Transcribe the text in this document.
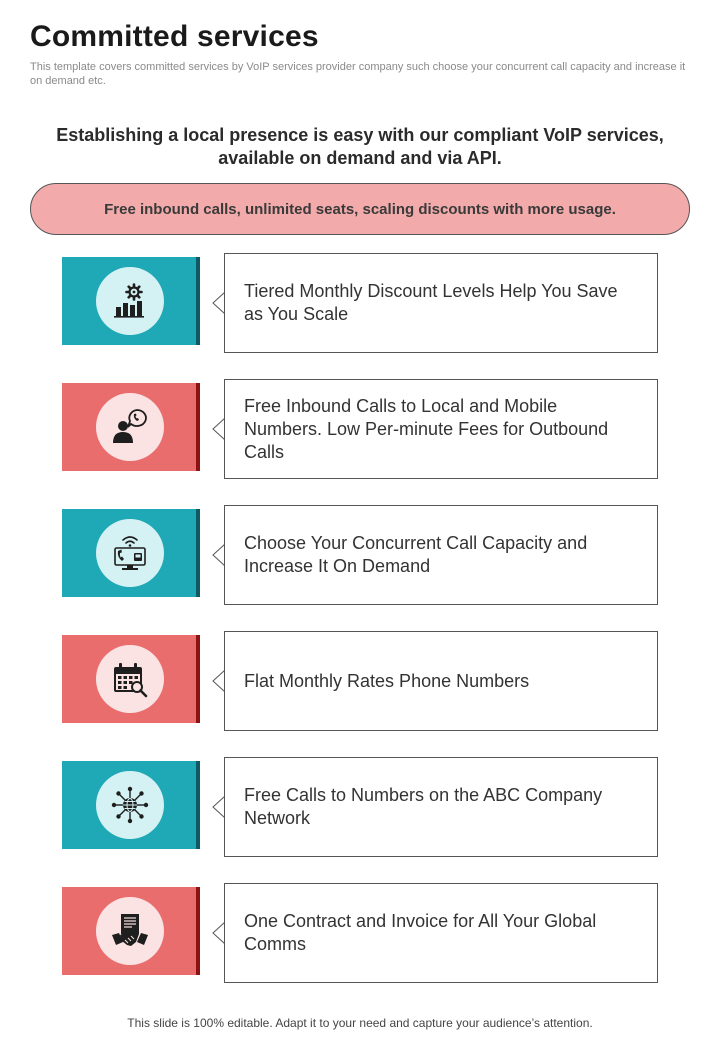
Committed services
This template covers committed services by VoIP services provider company such choose your concurrent call capacity and increase it on demand etc.
Establishing a local presence is easy with our compliant VoIP services, available on demand and via API.
Free inbound calls, unlimited seats, scaling discounts with more usage.
Tiered Monthly Discount Levels Help You Save as You Scale
Free Inbound Calls to Local and Mobile Numbers. Low Per-minute Fees for Outbound Calls
Choose Your Concurrent Call Capacity and Increase It On Demand
Flat Monthly Rates Phone Numbers
Free Calls to Numbers on the ABC Company Network
One Contract and Invoice for All Your Global Comms
This slide is 100% editable. Adapt it to your need and capture your audience’s attention.
